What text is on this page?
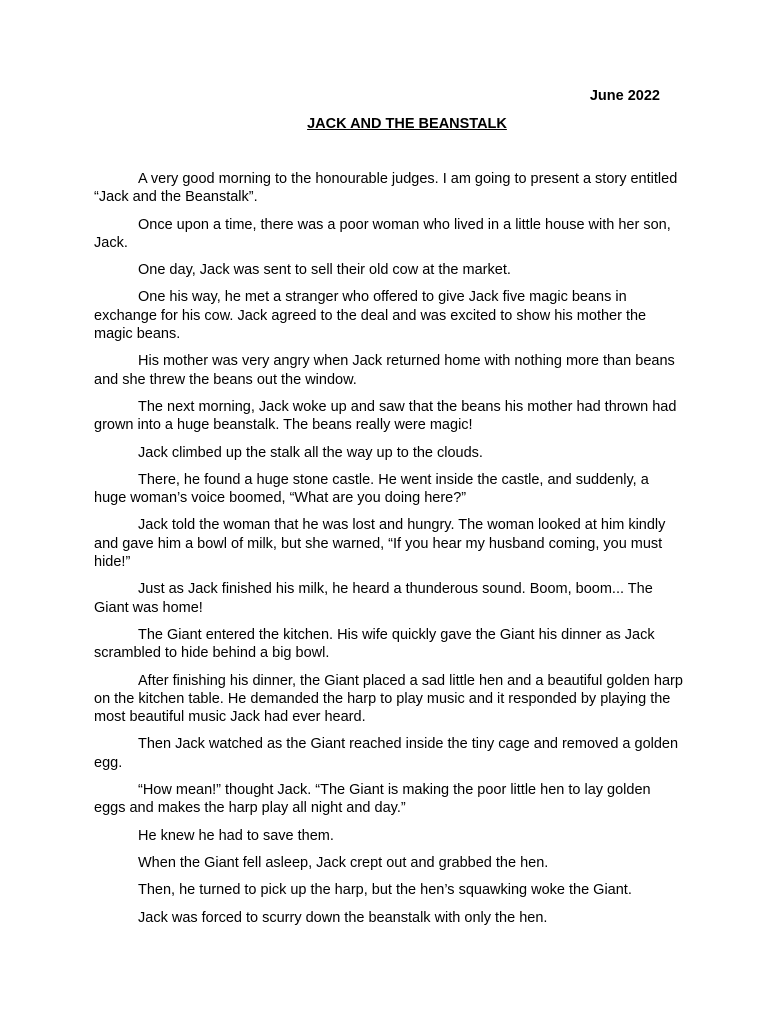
June 2022

JACK AND THE BEANSTALK

A very good morning to the honourable judges. I am going to present a story entitled “Jack and the Beanstalk”.

Once upon a time, there was a poor woman who lived in a little house with her son, Jack.

One day, Jack was sent to sell their old cow at the market.

One his way, he met a stranger who offered to give Jack five magic beans in exchange for his cow. Jack agreed to the deal and was excited to show his mother the magic beans.

His mother was very angry when Jack returned home with nothing more than beans and she threw the beans out the window.

The next morning, Jack woke up and saw that the beans his mother had thrown had grown into a huge beanstalk. The beans really were magic!

Jack climbed up the stalk all the way up to the clouds.

There, he found a huge stone castle. He went inside the castle, and suddenly, a huge woman’s voice boomed, “What are you doing here?”

Jack told the woman that he was lost and hungry. The woman looked at him kindly and gave him a bowl of milk, but she warned, “If you hear my husband coming, you must hide!”

Just as Jack finished his milk, he heard a thunderous sound. Boom, boom... The Giant was home!

The Giant entered the kitchen. His wife quickly gave the Giant his dinner as Jack scrambled to hide behind a big bowl.

After finishing his dinner, the Giant placed a sad little hen and a beautiful golden harp on the kitchen table. He demanded the harp to play music and it responded by playing the most beautiful music Jack had ever heard.

Then Jack watched as the Giant reached inside the tiny cage and removed a golden egg.

“How mean!” thought Jack. “The Giant is making the poor little hen to lay golden eggs and makes the harp play all night and day.”

He knew he had to save them.

When the Giant fell asleep, Jack crept out and grabbed the hen.

Then, he turned to pick up the harp, but the hen’s squawking woke the Giant.

Jack was forced to scurry down the beanstalk with only the hen.
